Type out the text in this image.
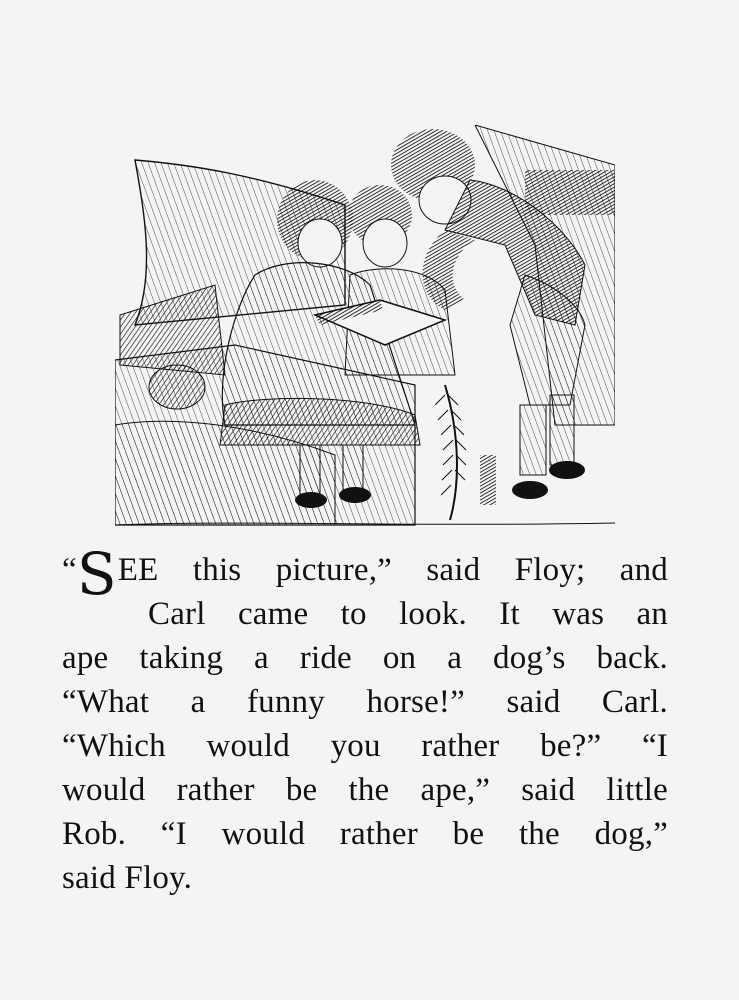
“SEE this picture,” said Floy; and
Carl came to look. It was an
ape taking a ride on a dog’s back.
“What a funny horse!” said Carl.
“Which would you rather be?” “I
would rather be the ape,” said little
Rob. “I would rather be the dog,”
said Floy.
